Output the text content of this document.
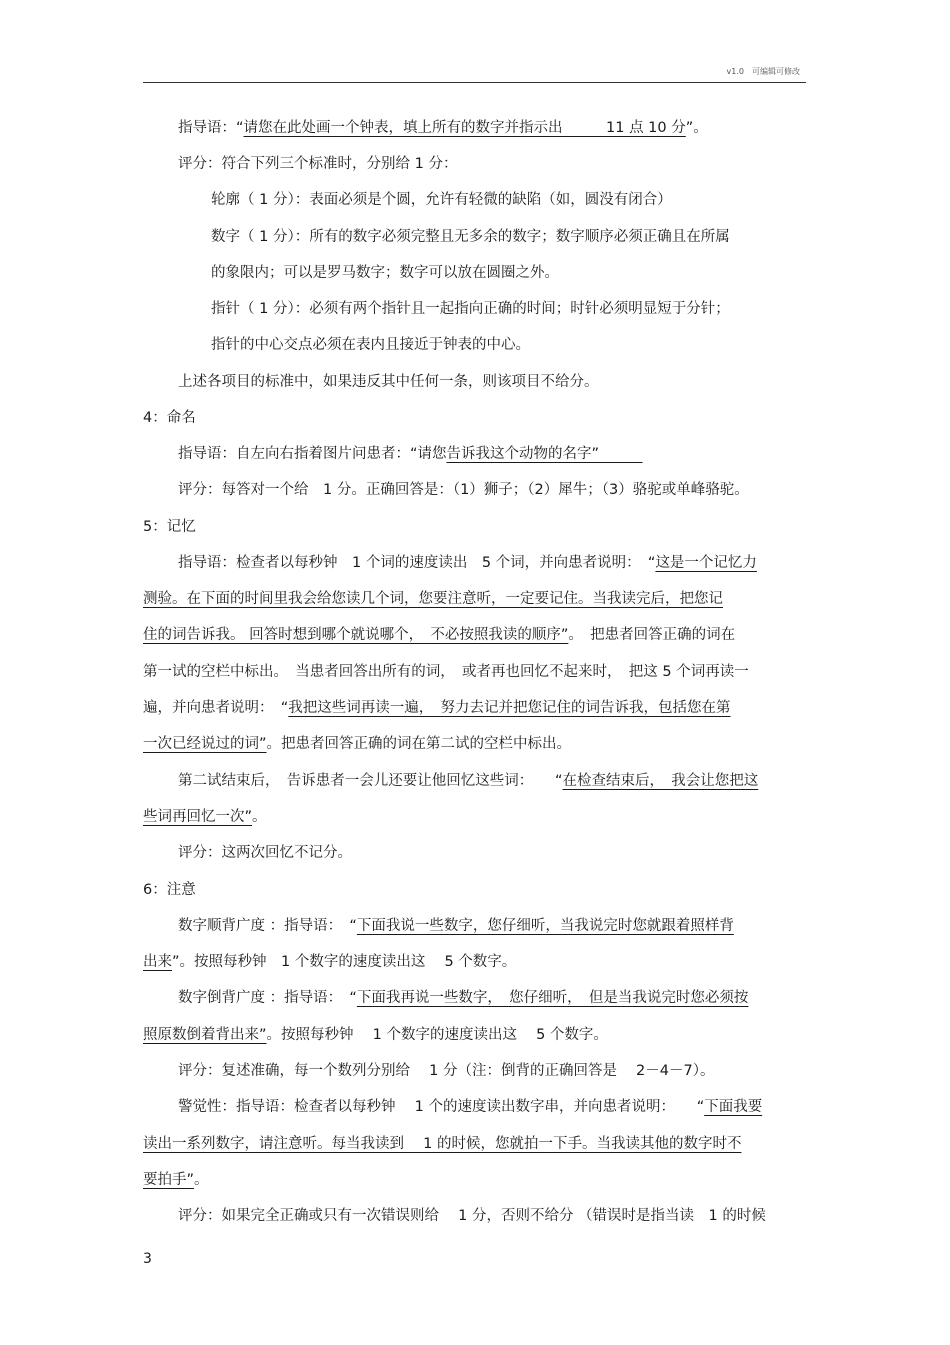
v1.0　可编辑可修改
指导语：“请您在此处画一个钟表，填上所有的数字并指示出　　　11 点 10 分”。
评分：符合下列三个标准时，分别给 1 分：
轮廓（ 1 分）：表面必须是个圆，允许有轻微的缺陷（如，圆没有闭合）
数字（ 1 分）：所有的数字必须完整且无多余的数字；数字顺序必须正确且在所属
的象限内；可以是罗马数字；数字可以放在圆圈之外。
指针（ 1 分）：必须有两个指针且一起指向正确的时间；时针必须明显短于分针；
指针的中心交点必须在表内且接近于钟表的中心。
上述各项目的标准中，如果违反其中任何一条，则该项目不给分。
4：命名
指导语：自左向右指着图片问患者：“请您告诉我这个动物的名字”　　　
评分：每答对一个给　1 分。正确回答是：（1）狮子；（2）犀牛；（3）骆驼或单峰骆驼。
5：记忆
指导语：检查者以每秒钟　1 个词的速度读出　5 个词，并向患者说明：　“这是一个记忆力
测验。在下面的时间里我会给您读几个词，您要注意听，一定要记住。当我读完后，把您记
住的词告诉我。 回答时想到哪个就说哪个，　不必按照我读的顺序”。　把患者回答正确的词在
第一试的空栏中标出。　当患者回答出所有的词，　或者再也回忆不起来时，　把这 5 个词再读一
遍，并向患者说明：　“我把这些词再读一遍，　努力去记并把您记住的词告诉我，包括您在第
一次已经说过的词”。把患者回答正确的词在第二试的空栏中标出。
第二试结束后，　告诉患者一会儿还要让他回忆这些词：　　“在检查结束后，　我会让您把这
些词再回忆一次”。
评分：这两次回忆不记分。
6：注意
数字顺背广度 ：指导语：　“下面我说一些数字，您仔细听，当我说完时您就跟着照样背
出来”。按照每秒钟　1 个数字的速度读出这　 5 个数字。
数字倒背广度 ：指导语：　“下面我再说一些数字，　您仔细听，　但是当我说完时您必须按
照原数倒着背出来”。按照每秒钟　 1 个数字的速度读出这　 5 个数字。
评分：复述准确，每一个数列分别给　 1 分（注：倒背的正确回答是　 2－4－7）。
警觉性：指导语：检查者以每秒钟　 1 个的速度读出数字串，并向患者说明：　　“下面我要
读出一系列数字，请注意听。每当我读到　 1 的时候，您就拍一下手。当我读其他的数字时不
要拍手”。
评分：如果完全正确或只有一次错误则给　 1 分，否则不给分 （错误时是指当读　1 的时候
3
